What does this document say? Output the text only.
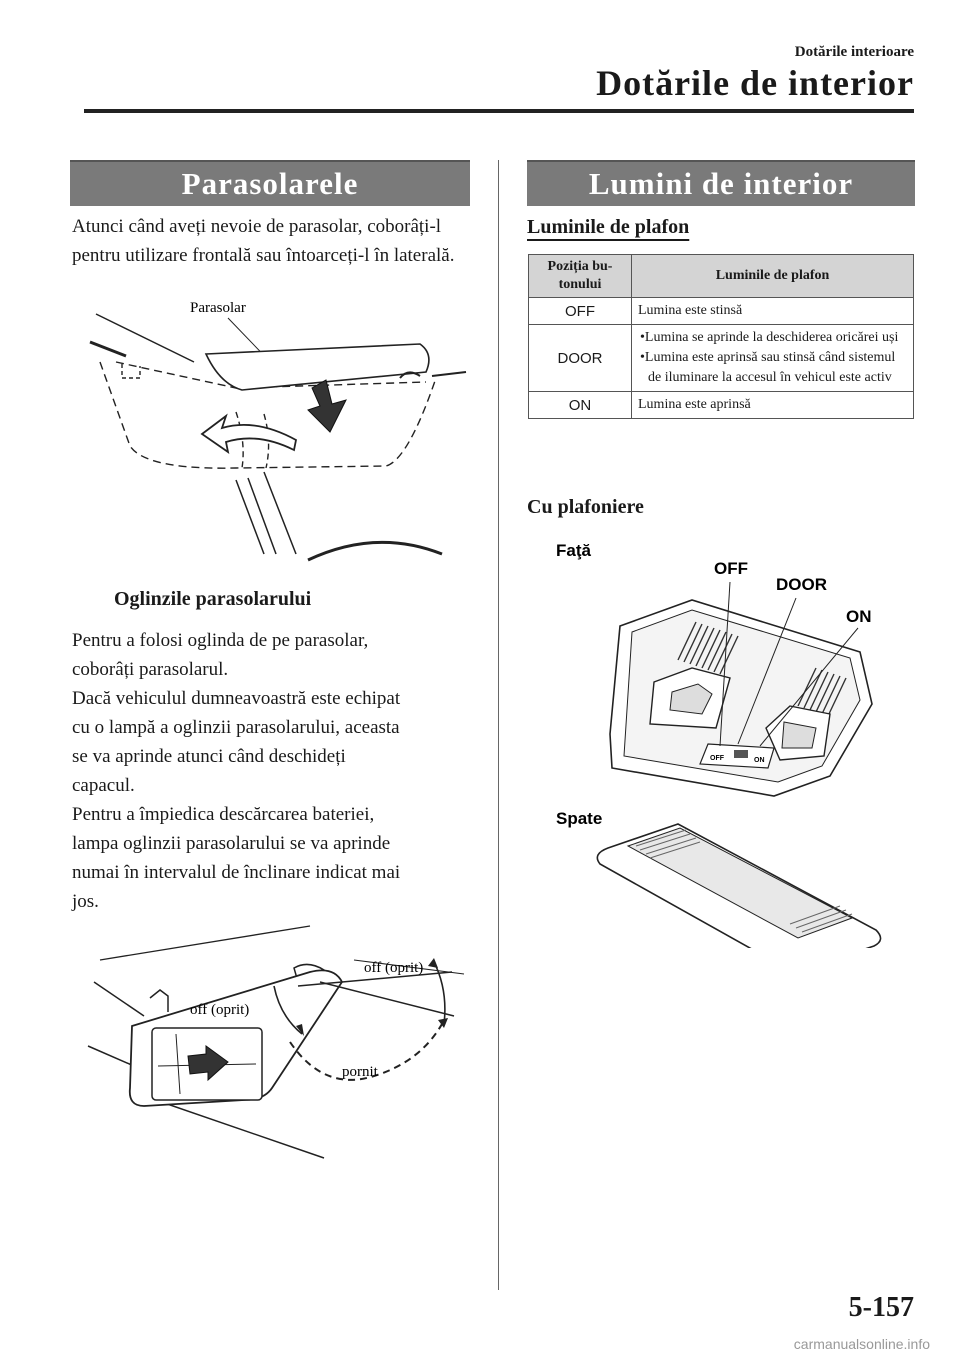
Dotările interioare
Dotările de interior
Parasolarele
Atunci când aveți nevoie de parasolar, coborâți-l pentru utilizare frontală sau întoarceți-l în laterală.
Parasolar
Oglinzile parasolarului
Pentru a folosi oglinda de pe parasolar,
coborâți parasolarul.
Dacă vehiculul dumneavoastră este echipat
cu o lampă a oglinzii parasolarului, aceasta
se va aprinde atunci când deschideți
capacul.
Pentru a împiedica descărcarea bateriei,
lampa oglinzii parasolarului se va aprinde
numai în intervalul de înclinare indicat mai
jos.
off (oprit)
off (oprit)
pornit
Lumini de interior
Luminile de plafon
Poziția bu-tonului	Luminile de plafon
OFF	Lumina este stinsă
DOOR	•Lumina se aprinde la deschiderea oricărei uși
•Lumina este aprinsă sau stinsă când sistemul de iluminare la accesul în vehicul este activ

ON	Lumina este aprinsă
Cu plafoniere
Faţă
OFF
DOOR
ON
OFF	ON
Spate
5-157
carmanualsonline.info
